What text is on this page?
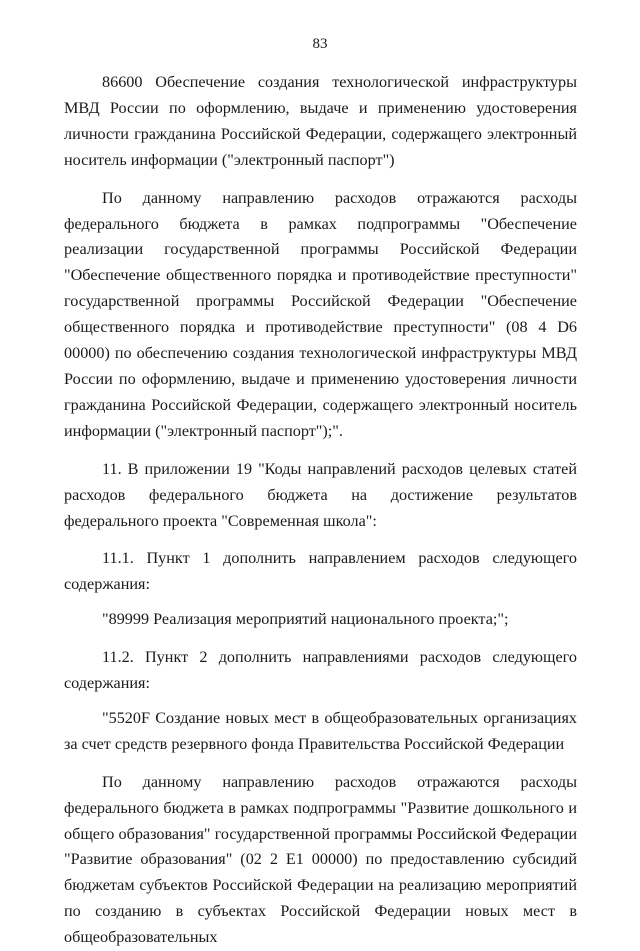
83

86600 Обеспечение создания технологической инфраструктуры МВД России по оформлению, выдаче и применению удостоверения личности гражданина Российской Федерации, содержащего электронный носитель информации ("электронный паспорт")

По данному направлению расходов отражаются расходы федерального бюджета в рамках подпрограммы "Обеспечение реализации государственной программы Российской Федерации "Обеспечение общественного порядка и противодействие преступности" государственной программы Российской Федерации "Обеспечение общественного порядка и противодействие преступности" (08 4 D6 00000) по обеспечению создания технологической инфраструктуры МВД России по оформлению, выдаче и применению удостоверения личности гражданина Российской Федерации, содержащего электронный носитель информации ("электронный паспорт");".

11. В приложении 19 "Коды направлений расходов целевых статей расходов федерального бюджета на достижение результатов федерального проекта "Современная школа":

11.1. Пункт 1 дополнить направлением расходов следующего содержания:

"89999 Реализация мероприятий национального проекта;";

11.2. Пункт 2 дополнить направлениями расходов следующего содержания:

"5520F Создание новых мест в общеобразовательных организациях за счет средств резервного фонда Правительства Российской Федерации

По данному направлению расходов отражаются расходы федерального бюджета в рамках подпрограммы "Развитие дошкольного и общего образования" государственной программы Российской Федерации "Развитие образования" (02 2 E1 00000) по предоставлению субсидий бюджетам субъектов Российской Федерации на реализацию мероприятий по созданию в субъектах Российской Федерации новых мест в общеобразовательных
